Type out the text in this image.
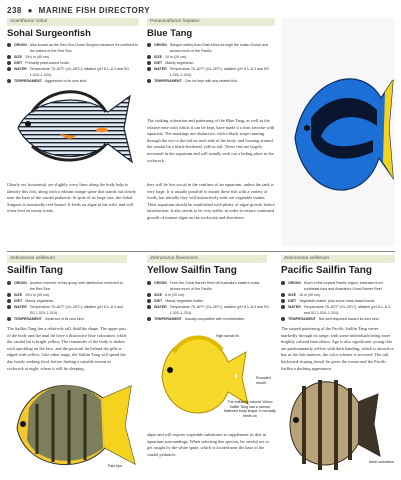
238 ● MARINE FISH DIRECTORY
Acanthurus sohal
Sohal Surgeonfish
ORIGIN Also known as the Red Sea Clown Surgeon because it's confined to the waters of the Red Sea.
SIZE 15¾ in (40 cm).
DIET Primarily plant-based foods.
WATER Temperature 75–82°F (24–28°C); alkaline (pH 8.1–8.3 and SG 1.020–1.024).
TEMPERAMENT Aggressive to its own kind.
Clearly set, horizontal, yet slightly wavy lines along the body help to identify this fish, along with a vibrant orange spine that stands out clearly near the base of the caudal peduncle. In spite of its large size, the Sohal Surgeon is essentially reef-bound. It feeds on algae in the wild, and will often feed on meaty foods.
Paracanthurus hepatus
Blue Tang
ORIGIN Ranges widely from East Africa through the Indian Ocean and across much of the Pacific.
SIZE 10 in (26 cm).
DIET Mainly vegetarian.
WATER Temperature 75–82°F (24–28°C); alkaline (pH 8.1–8.3 and SG 1.020–1.024).
TEMPERAMENT Can be kept with any related fish.
The striking coloration and patterning of the Blue Tang, as well as the relative ease with which it can be kept, have made it a firm favorite with aquarists. The markings are distinctive, with a black stripe running through the eye to the tail on each side of the body, and forming around the caudal fin a black-bordered, yellow tail. These fish are largely nocturnal in the aquarium and will usually seek out a hiding place in the rockwork.
they will be less social in the confines of an aquarium, unless the tank is very large. It is usually possible to mount these fish with a variety of foods, but initially they will instinctively seek out vegetable matter. Their aquarium should be established with plenty of algae growth before introduction. It also needs to be very stable, in order to ensure continued growth of marine algae on the rockwork and elsewhere.
Zebrasoma veliferum
Sailfin Tang
ORIGIN Another member of this group with distribution restricted to the Red Sea.
SIZE 15¾ in (40 cm).
DIET Mainly vegetarian.
WATER Temperature 75–82°F (24–28°C); alkaline (pH 8.1–8.3 and SG 1.020–1.024).
TEMPERAMENT Intolerant of its own kind.
The Sailfin Tang has a relatively tall, disklike shape. The upper part of the body and the anal fin have a distinctive blue coloration, while the caudal fin is bright yellow. The remainder of the body is darker, with speckling on the face, and the pectoral fin behind the gills is edged with yellow. Like other tangs, the Sailfin Tang will spend the day busily seeking food, before finding a suitable retreat in rockwork at night, where it will be sleeping.
Zebrasoma flavescens
Yellow Sailfin Tang
ORIGIN From the Great Barrier Reef off Australia's eastern coast, across much of the Pacific.
SIZE 8 in (20 cm).
DIET Mainly vegetable matter.
WATER Temperature 75–82°F (24–28°C); alkaline (pH 8.1–8.3 and SG 1.020–1.024).
TEMPERAMENT Usually compatible with invertebrates.
High dorsal fin
Rounded mouth
The brilliantly colored Yellow Sailfin Tang has a narrow, flattened body shape. It normally feeds on
algae and will require vegetable substitutes to supplement its diet in aquarium surroundings. When selecting this species, be careful not to get caught by the white spine, which is located near the base of the caudal peduncle.
Zebrasoma veliferum
Pacific Sailfin Tang
ORIGIN Much of the tropical Pacific region, extended from southeast Asia and Australia's Great Barrier Reef.
SIZE 16 in (40 cm).
DIET Vegetable matter, plus some meat-based foods.
WATER Temperature 75–82°F (24–28°C); alkaline (pH 8.1–8.3 and SG 1.020–1.024).
TEMPERAMENT Not well disposed toward its own kind.
The striped patterning of the Pacific Sailfin Tang varies markedly through its range, with some individuals being more brightly colored than others. Age is also significant: young fish are predominantly yellow with dark banding, which is attractive, but as the fish matures, the color scheme is reversed. The tall, backward-sloping dorsal fin gives the owner and the Pacific Sailfin a dashing appearance.
Adult coloration
Pale tips
